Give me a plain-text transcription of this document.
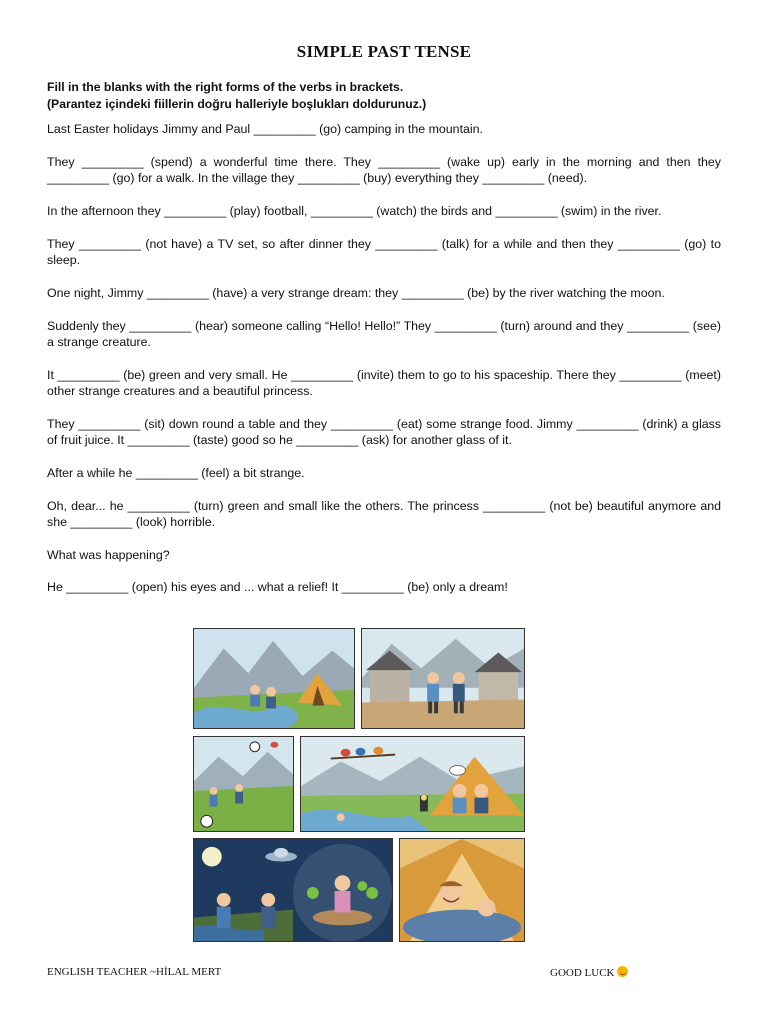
SIMPLE PAST TENSE
Fill in the blanks with the right forms of the verbs in brackets.
(Parantez içindeki fiillerin doğru halleriyle boşlukları doldurunuz.)
Last Easter holidays Jimmy and Paul _________ (go) camping in the mountain.
They _________ (spend) a wonderful time there. They _________ (wake up) early in the morning and then they _________ (go) for a walk. In the village they _________ (buy) everything they _________ (need).
In the afternoon they _________ (play) football, _________ (watch) the birds and _________ (swim) in the river.
They _________ (not have) a TV set, so after dinner they _________ (talk) for a while and then they _________ (go) to sleep.
One night, Jimmy _________ (have) a very strange dream: they _________ (be) by the river watching the moon.
Suddenly they _________ (hear) someone calling “Hello! Hello!” They _________ (turn) around and they _________ (see) a strange creature.
It _________ (be) green and very small. He _________ (invite) them to go to his spaceship. There they _________ (meet) other strange creatures and a beautiful princess.
They _________ (sit) down round a table and they _________ (eat) some strange food. Jimmy _________ (drink) a glass of fruit juice. It _________ (taste) good so he _________ (ask) for another glass of it.
After a while he _________ (feel) a bit strange.
Oh, dear... he _________ (turn) green and small like the others. The princess _________ (not be) beautiful anymore and she _________ (look) horrible.
What was happening?
He _________ (open) his eyes and ... what a relief! It _________ (be) only a dream!
ENGLISH TEACHER ~HİLAL MERT	GOOD LUCK
